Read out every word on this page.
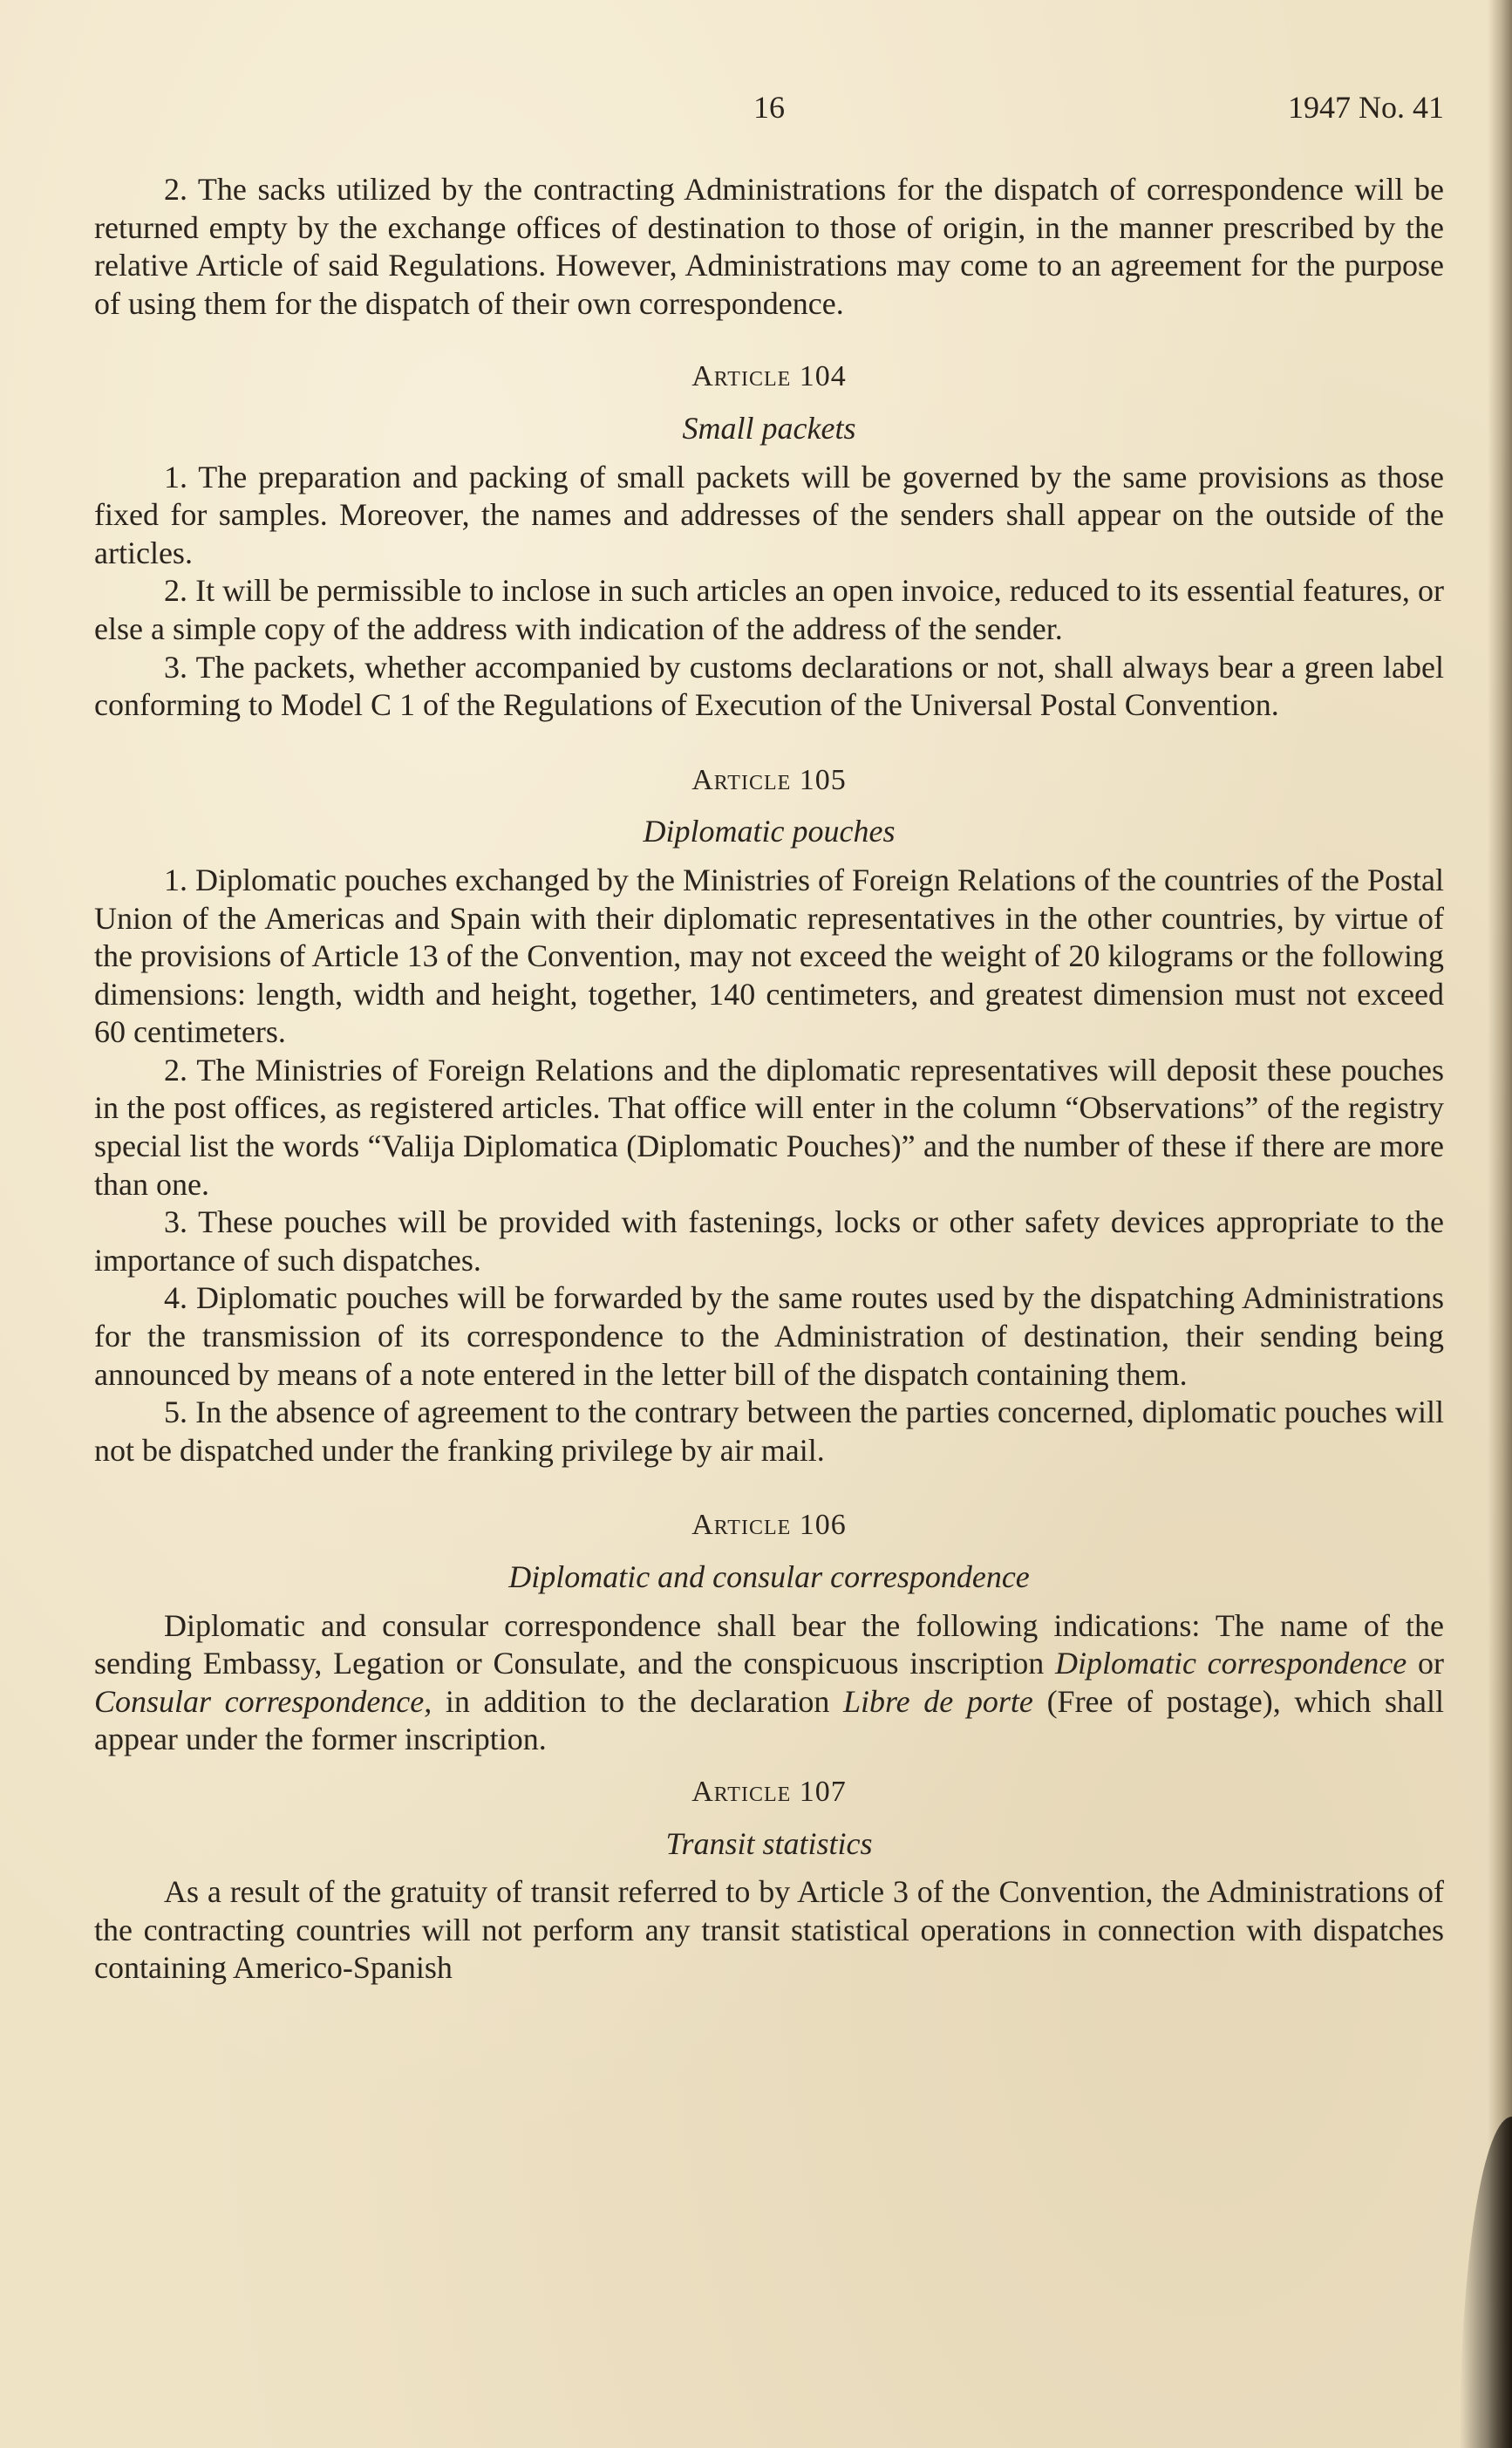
16	1947 No. 41

2. The sacks utilized by the contracting Administrations for the dispatch of correspondence will be returned empty by the exchange offices of destination to those of origin, in the manner prescribed by the relative Article of said Regulations. However, Administrations may come to an agreement for the purpose of using them for the dispatch of their own correspondence.

Article 104
Small packets

1. The preparation and packing of small packets will be governed by the same provisions as those fixed for samples. Moreover, the names and addresses of the senders shall appear on the outside of the articles.

2. It will be permissible to inclose in such articles an open invoice, reduced to its essential features, or else a simple copy of the address with indication of the address of the sender.

3. The packets, whether accompanied by customs declarations or not, shall always bear a green label conforming to Model C 1 of the Regulations of Execution of the Universal Postal Convention.

Article 105
Diplomatic pouches

1. Diplomatic pouches exchanged by the Ministries of Foreign Relations of the countries of the Postal Union of the Americas and Spain with their diplomatic representatives in the other countries, by virtue of the provisions of Article 13 of the Convention, may not exceed the weight of 20 kilograms or the following dimensions: length, width and height, together, 140 centimeters, and greatest dimension must not exceed 60 centimeters.

2. The Ministries of Foreign Relations and the diplomatic representatives will deposit these pouches in the post offices, as registered articles. That office will enter in the column “Observations” of the registry special list the words “Valija Diplomatica (Diplomatic Pouches)” and the number of these if there are more than one.

3. These pouches will be provided with fastenings, locks or other safety devices appropriate to the importance of such dispatches.

4. Diplomatic pouches will be forwarded by the same routes used by the dispatching Administrations for the transmission of its correspondence to the Administration of destination, their sending being announced by means of a note entered in the letter bill of the dispatch containing them.

5. In the absence of agreement to the contrary between the parties concerned, diplomatic pouches will not be dispatched under the franking privilege by air mail.

Article 106
Diplomatic and consular correspondence

Diplomatic and consular correspondence shall bear the following indications: The name of the sending Embassy, Legation or Consulate, and the conspicuous inscription Diplomatic correspondence or Consular correspondence, in addition to the declaration Libre de porte (Free of postage), which shall appear under the former inscription.

Article 107
Transit statistics

As a result of the gratuity of transit referred to by Article 3 of the Convention, the Administrations of the contracting countries will not perform any transit statistical operations in connection with dispatches containing Americo-Spanish
